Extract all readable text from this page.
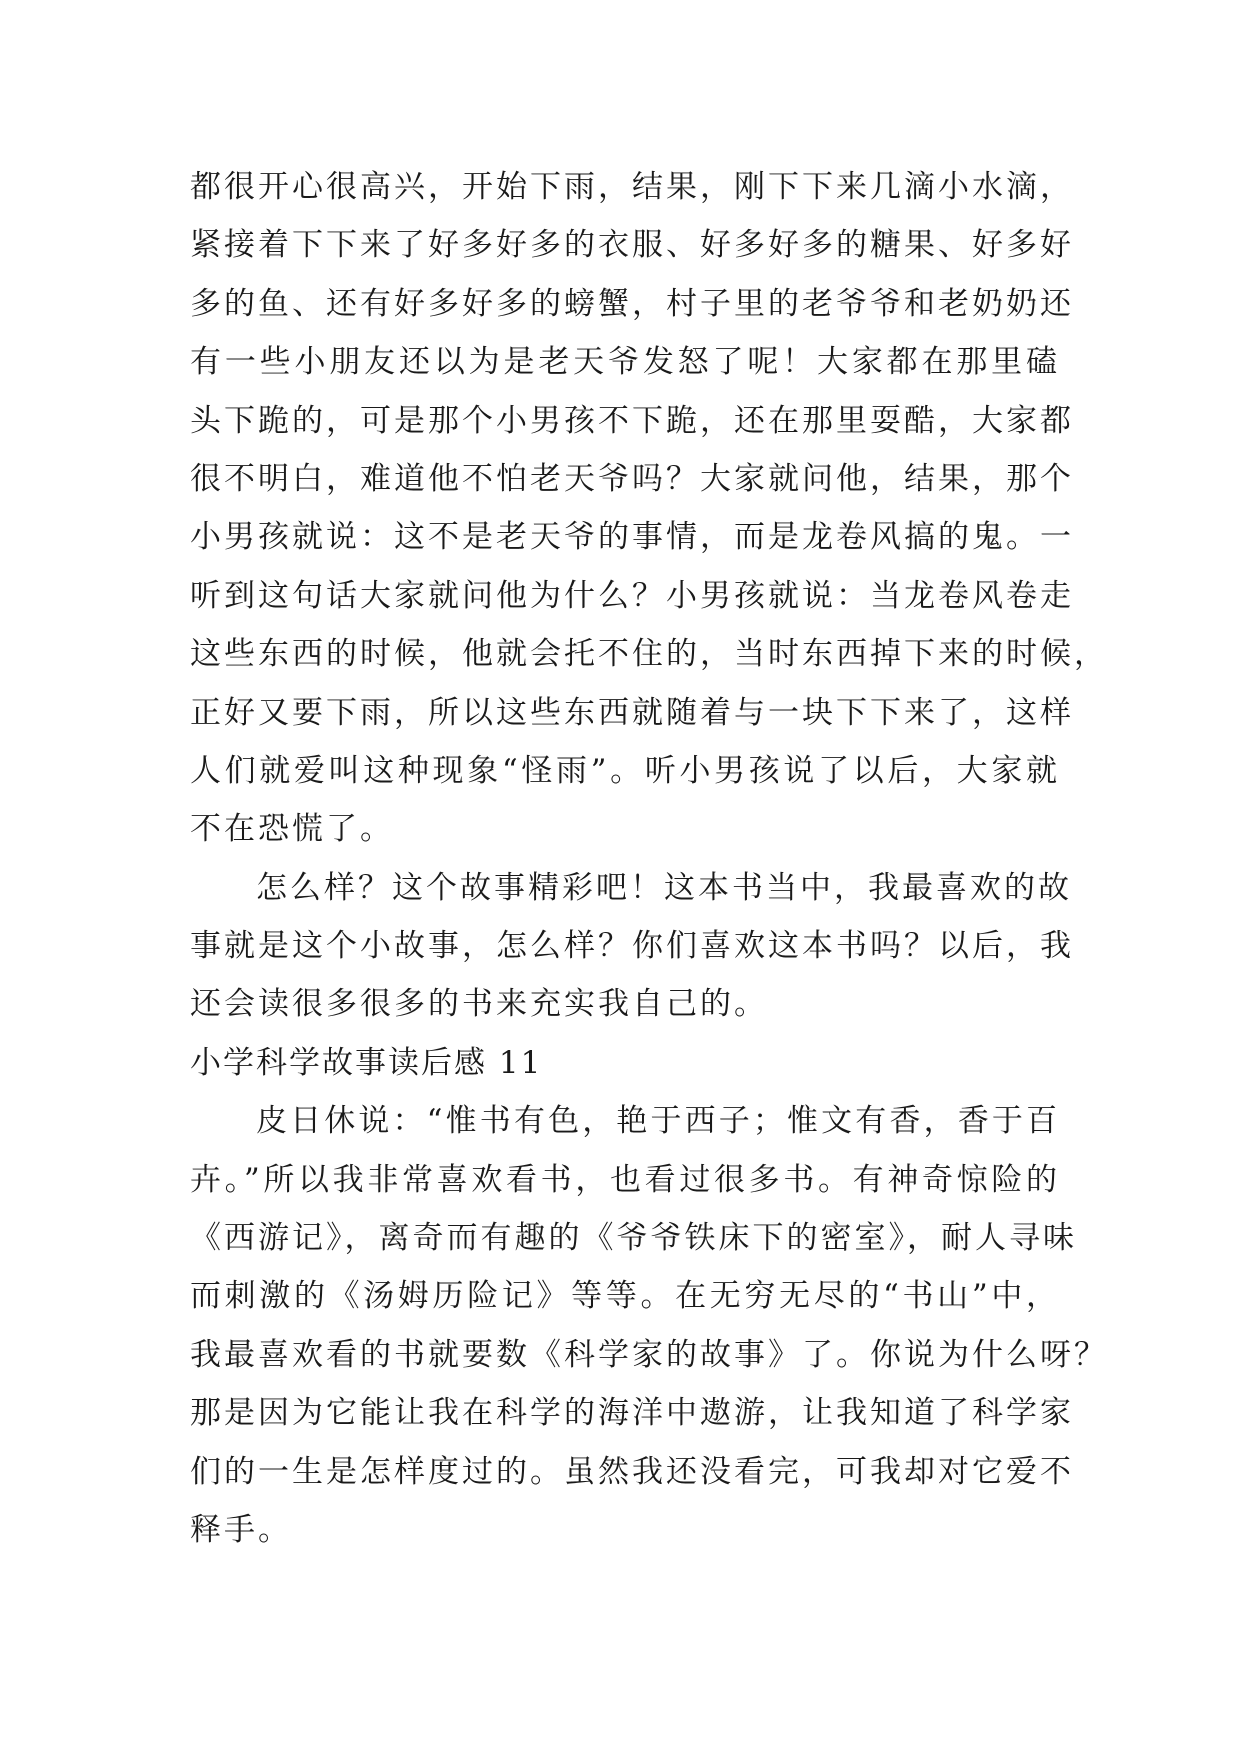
都很开心很高兴，开始下雨，结果，刚下下来几滴小水滴，
紧接着下下来了好多好多的衣服、好多好多的糖果、好多好
多的鱼、还有好多好多的螃蟹，村子里的老爷爷和老奶奶还
有一些小朋友还以为是老天爷发怒了呢！大家都在那里磕
头下跪的，可是那个小男孩不下跪，还在那里耍酷，大家都
很不明白，难道他不怕老天爷吗？大家就问他，结果，那个
小男孩就说：这不是老天爷的事情，而是龙卷风搞的鬼。一
听到这句话大家就问他为什么？小男孩就说：当龙卷风卷走
这些东西的时候，他就会托不住的，当时东西掉下来的时候，
正好又要下雨，所以这些东西就随着与一块下下来了，这样
人们就爱叫这种现象“怪雨”。听小男孩说了以后，大家就
不在恐慌了。
怎么样？这个故事精彩吧！这本书当中，我最喜欢的故
事就是这个小故事，怎么样？你们喜欢这本书吗？以后，我
还会读很多很多的书来充实我自己的。
小学科学故事读后感 11
皮日休说：“惟书有色，艳于西子；惟文有香，香于百
卉。”所以我非常喜欢看书，也看过很多书。有神奇惊险的
《西游记》，离奇而有趣的《爷爷铁床下的密室》，耐人寻味
而刺激的《汤姆历险记》等等。在无穷无尽的“书山”中，
我最喜欢看的书就要数《科学家的故事》了。你说为什么呀？
那是因为它能让我在科学的海洋中遨游，让我知道了科学家
们的一生是怎样度过的。虽然我还没看完，可我却对它爱不
释手。
